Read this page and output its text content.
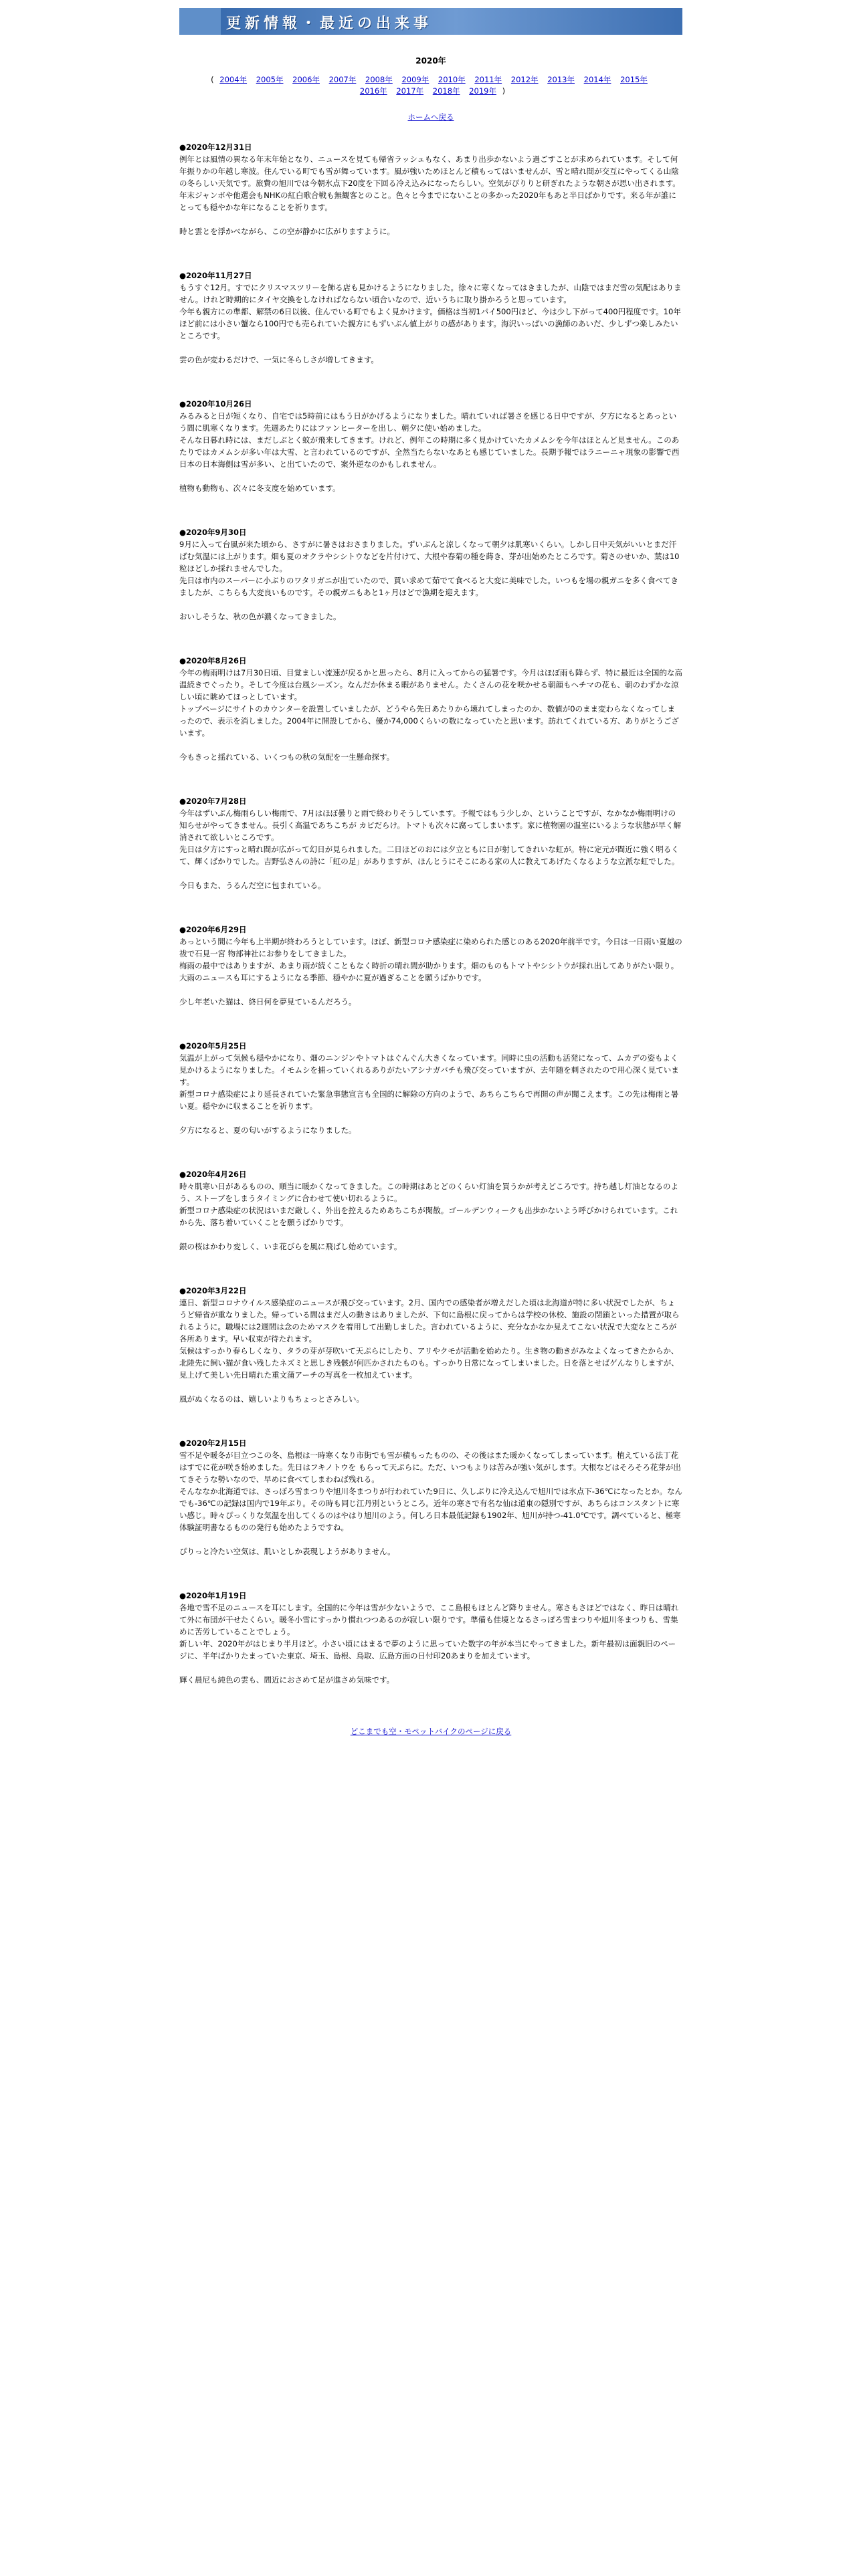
更新情報・最近の出来事
2020年
( 2004年 2005年 2006年 2007年 2008年 2009年 2010年 2011年 2012年 2013年 2014年 2015年 2016年 2017年 2018年 2019年 )
ホームへ戻る
●2020年12月31日

例年とは風情の異なる年末年始となり、ニュースを見ても帰省ラッシュもなく、あまり出歩かないよう過ごすことが求められています。そして何年振りかの年越し寒波。住んでいる町でも雪が舞っています。風が強いためほとんど積もってはいませんが、雪と晴れ間が交互にやってくる山陰の冬らしい天気です。旅費の旭川では今朝氷点下20度を下回る冷え込みになったらしい。空気がぴりりと研ぎれたような朝さが思い出されます。

年末ジャンボや他選会もNHKの紅白歌合戦も無観客とのこと。色々と今までにないことの多かった2020年もあと半日ばかりです。来る年が誰にとっても穏やかな年になることを祈ります。

時と雲とを浮かべながら、この空が静かに広がりますように。

●2020年11月27日

もうすぐ12月。すでにクリスマスツリーを飾る店も見かけるようになりました。徐々に寒くなってはきましたが、山陰ではまだ雪の気配はありません。けれど時期的にタイヤ交換をしなければならない頃合いなので、近いうちに取り掛かろうと思っています。

今年も親方にの準都、解禁の6日以後、住んでいる町でもよく見かけます。価格は当初1パイ500円ほど、今は少し下がって400円程度です。10年ほど前には小さい蟹なら100円でも売られていた親方にもずいぶん値上がりの感があります。海沢いっぱいの漁師のあいだ、少しずつ楽しみたいところです。

雲の色が変わるだけで、一気に冬らしさが増してきます。

●2020年10月26日

みるみると日が短くなり、自宅では5時前にはもう日がかげるようになりました。晴れていれば暑さを感じる日中ですが、夕方になるとあっという間に肌寒くなります。先週あたりにはファンヒーターを出し、朝夕に使い始めました。

そんな日暮れ時には、まだしぶとく蚊が飛来してきます。けれど、例年この時期に多く見かけていたカメムシを今年はほとんど見ません。このあたりではカメムシが多い年は大雪、と言われているのですが、全然当たらないなあとも感じていました。長期予報ではラニーニャ現象の影響で西日本の日本海側は雪が多い、と出ていたので、案外逆なのかもしれません。

植物も動物も、次々に冬支度を始めています。

●2020年9月30日

9月に入って台風が来た頃から、さすがに暑さはおさまりました。ずいぶんと涼しくなって朝夕は肌寒いくらい。しかし日中天気がいいとまだ汗ばむ気温には上がります。畑も夏のオクラやシシトウなどを片付けて、大根や春菊の種を蒔き、芽が出始めたところです。菊さのせいか、葉は10粒ほどしか採れませんでした。

先日は市内のスーパーに小ぶりのワタリガニが出ていたので、買い求めて茹でて食べると大変に美味でした。いつもを場の親ガニを多く食べてきましたが、こちらも大変良いものです。その親ガニもあと1ヶ月ほどで漁期を迎えます。

おいしそうな、秋の色が濃くなってきました。

●2020年8月26日

今年の梅雨明けは7月30日頃、目覚ましい流速が戻るかと思ったら、8月に入ってからの猛暑です。今月はほぼ雨も降らず、特に最近は全国的な高温続きでぐったり。そして今度は台風シーズン。なんだか休まる暇がありません。たくさんの花を咲かせる朝顔もヘチマの花も、朝のわずかな涼しい頃に眺めてほっとしています。

トップページにサイトのカウンターを設置していましたが、どうやら先日あたりから壊れてしまったのか、数値が0のまま変わらなくなってしまったので、表示を消しました。2004年に開設してから、優か74,000くらいの数になっていたと思います。訪れてくれている方、ありがとうございます。

今もきっと揺れている、いくつもの秋の気配を一生懸命探す。

●2020年7月28日

今年はずいぶん梅雨らしい梅雨で、7月はほぼ曇りと雨で終わりそうしています。予報ではもう少しか、ということですが、なかなか梅雨明けの知らせがやってきません。長引く高温であちこちが カビだらけ。トマトも次々に腐ってしまいます。家に植物園の温室にいるような状態が早く解消されて欲しいところです。

先日は夕方にすっと晴れ間が広がって幻日が見られました。二日ほどのおには夕立ともに日が射してきれいな虹が。特に定元が間近に強く明るくて、輝くばかりでした。吉野弘さんの詩に「虹の足」がありますが、ほんとうにそこにある家の人に教えてあげたくなるような立派な虹でした。

今日もまた、うるんだ空に包まれている。

●2020年6月29日

あっという間に今年も上半期が終わろうとしています。ほぼ、新型コロナ感染症に染められた感じのある2020年前半です。今日は一日雨い夏越の祓で石見一宮 物部神社にお参りをしてきました。

梅雨の最中ではありますが、あまり雨が続くこともなく時折の晴れ間が助かります。畑のものもトマトやシシトウが採れ出してありがたい限り。大雨のニュースも耳にするようになる季節、穏やかに夏が過ぎることを願うばかりです。

少し年老いた猫は、終日何を夢見ているんだろう。

●2020年5月25日

気温が上がって気候も穏やかになり、畑のニンジンやトマトはぐんぐん大きくなっています。同時に虫の活動も活発になって、ムカデの姿もよく見かけるようになりました。イモムシを捕っていくれるありがたいアシナガバチも飛び交っていますが、去年随を刺されたので用心深く見ています。

新型コロナ感染症により延長されていた緊急事態宣言も全国的に解除の方向のようで、あちらこちらで再開の声が聞こえます。この先は梅雨と暑い夏。穏やかに収まることを祈ります。

夕方になると、夏の匂いがするようになりました。

●2020年4月26日

時々肌寒い日があるものの、順当に暖かくなってきました。この時期はあとどのくらい灯油を買うかが考えどころです。持ち越し灯油となるのよう、ストーブをしまうタイミングに合わせて使い切れるように。

新型コロナ感染症の状況はいまだ厳しく、外出を控えるためあちこちが閑散。ゴールデンウィークも出歩かないよう呼びかけられています。これから先、落ち着いていくことを願うばかりです。

銀の桜はかわり変しく、いま花びらを風に飛ばし始めています。

●2020年3月22日

連日、新型コロナウイルス感染症のニュースが飛び交っています。2月、国内での感染者が増えだした頃は北海道が特に多い状況でしたが、ちょうど帰省が重なりました。帰っている間はまだ人の動きはありましたが、下旬に島根に戻ってからは学校の休校、施設の閉鎖といった措置が取られるように。職場には2週間は念のためマスクを着用して出勤しました。言われているように、充分なかなか見えてこない状況で大変なところが各所あります。早い収束が待たれます。

気候はすっかり春らしくなり、タラの芽が芽吹いて天ぷらにしたり、アリやクモが活動を始めたり。生き物の動きがみなよくなってきたからか、北陸先に飼い猫が食い残したネズミと思しき残骸が何匹かされたものも。すっかり日常になってしまいました。日を落とせばゲんなりしますが、見上げて美しい先日晴れた重文蒲アーチの写真を一枚加えています。

風がぬくなるのは、嬉しいよりもちょっとさみしい。

●2020年2月15日

雪不足や暖冬が目立つこの冬、島根は一時寒くなり市街でも雪が積もったものの、その後はまた暖かくなってしまっています。植えている法丁花はすでに花が咲き始めました。先日はフキノトウを もらって天ぷらに。ただ、いつもよりは苦みが強い気がします。大根などはそろそろ花芽が出てきそうな勢いなので、早めに食べてしまわねば残れる。

そんななか北海道では、さっぽろ雪まつりや旭川冬まつりが行われていた9日に、久しぶりに冷え込んで旭川では氷点下-36℃になったとか。なんでも-36℃の記録は国内で19年ぶり。その時も同じ江丹別というところ。近年の寒さで有名な仙は道東の隠別ですが、あちらはコンスタントに寒い感じ。時々ぴっくりな気温を出してくるのはやはり旭川のよう。何しろ日本最低記録も1902年、旭川が持つ-41.0℃です。調べていると、極寒体験証明書なるものの発行も始めたようですね。

ぴりっと冷たい空気は、肌いとしか表現しようがありません。

●2020年1月19日

各地で雪不足のニュースを耳にします。全国的に今年は雪が少ないようで、ここ島根もほとんど降りません。寒さもさほどではなく、昨日は晴れて外に布団が干せたくらい。暖冬小雪にすっかり慣れつつあるのが寂しい限りです。準備も佳境となるさっぽろ雪まつりや旭川冬まつりも、雪集めに苦労していることでしょう。

新しい年、2020年がはじまり半月ほど。小さい頃にはまるで夢のように思っていた数字の年が本当にやってきました。新年最初は面親旧のページに、半年ばかりたまっていた東京、埼玉、島根、鳥取、広島方面の日付印20あまりを加えています。

輝く晨尼も純色の雲も、間近におさめて足が進さめ気味です。

どこまでも空・モペットバイクのページに戻る
